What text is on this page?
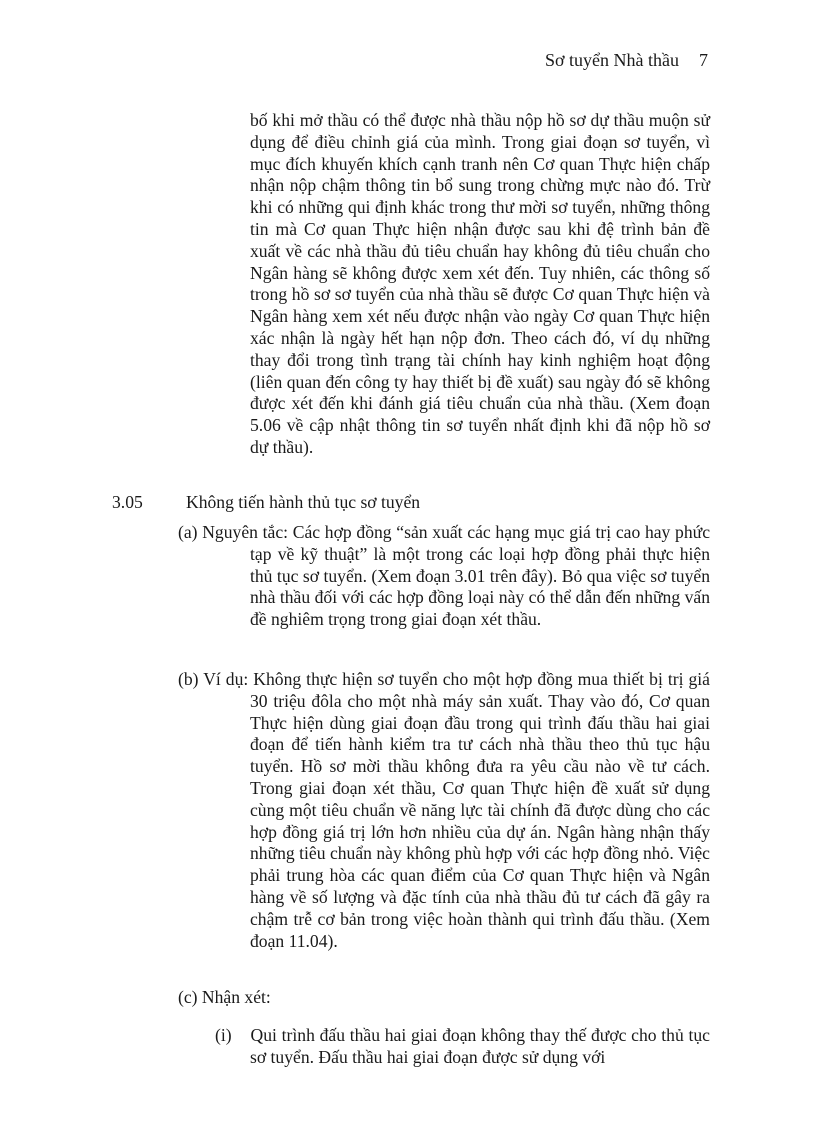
Sơ tuyển Nhà thầu 7

bố khi mở thầu có thể được nhà thầu nộp hồ sơ dự thầu muộn sử dụng để điều chỉnh giá của mình. Trong giai đoạn sơ tuyển, vì mục đích khuyến khích cạnh tranh nên Cơ quan Thực hiện chấp nhận nộp chậm thông tin bổ sung trong chừng mực nào đó. Trừ khi có những qui định khác trong thư mời sơ tuyển, những thông tin mà Cơ quan Thực hiện nhận được sau khi đệ trình bản đề xuất về các nhà thầu đủ tiêu chuẩn hay không đủ tiêu chuẩn cho Ngân hàng sẽ không được xem xét đến. Tuy nhiên, các thông số trong hồ sơ sơ tuyển của nhà thầu sẽ được Cơ quan Thực hiện và Ngân hàng xem xét nếu được nhận vào ngày Cơ quan Thực hiện xác nhận là ngày hết hạn nộp đơn. Theo cách đó, ví dụ những thay đổi trong tình trạng tài chính hay kinh nghiệm hoạt động (liên quan đến công ty hay thiết bị đề xuất) sau ngày đó sẽ không được xét đến khi đánh giá tiêu chuẩn của nhà thầu. (Xem đoạn 5.06 về cập nhật thông tin sơ tuyển nhất định khi đã nộp hồ sơ dự thầu).

3.05 Không tiến hành thủ tục sơ tuyển

(a) Nguyên tắc: Các hợp đồng “sản xuất các hạng mục giá trị cao hay phức tạp về kỹ thuật” là một trong các loại hợp đồng phải thực hiện thủ tục sơ tuyển. (Xem đoạn 3.01 trên đây). Bỏ qua việc sơ tuyển nhà thầu đối với các hợp đồng loại này có thể dẫn đến những vấn đề nghiêm trọng trong giai đoạn xét thầu.

(b) Ví dụ: Không thực hiện sơ tuyển cho một hợp đồng mua thiết bị trị giá 30 triệu đôla cho một nhà máy sản xuất. Thay vào đó, Cơ quan Thực hiện dùng giai đoạn đầu trong qui trình đấu thầu hai giai đoạn để tiến hành kiểm tra tư cách nhà thầu theo thủ tục hậu tuyển. Hồ sơ mời thầu không đưa ra yêu cầu nào về tư cách. Trong giai đoạn xét thầu, Cơ quan Thực hiện đề xuất sử dụng cùng một tiêu chuẩn về năng lực tài chính đã được dùng cho các hợp đồng giá trị lớn hơn nhiều của dự án. Ngân hàng nhận thấy những tiêu chuẩn này không phù hợp với các hợp đồng nhỏ. Việc phải trung hòa các quan điểm của Cơ quan Thực hiện và Ngân hàng về số lượng và đặc tính của nhà thầu đủ tư cách đã gây ra chậm trễ cơ bản trong việc hoàn thành qui trình đấu thầu. (Xem đoạn 11.04).

(c) Nhận xét:

(i) Qui trình đấu thầu hai giai đoạn không thay thế được cho thủ tục sơ tuyển. Đấu thầu hai giai đoạn được sử dụng với
